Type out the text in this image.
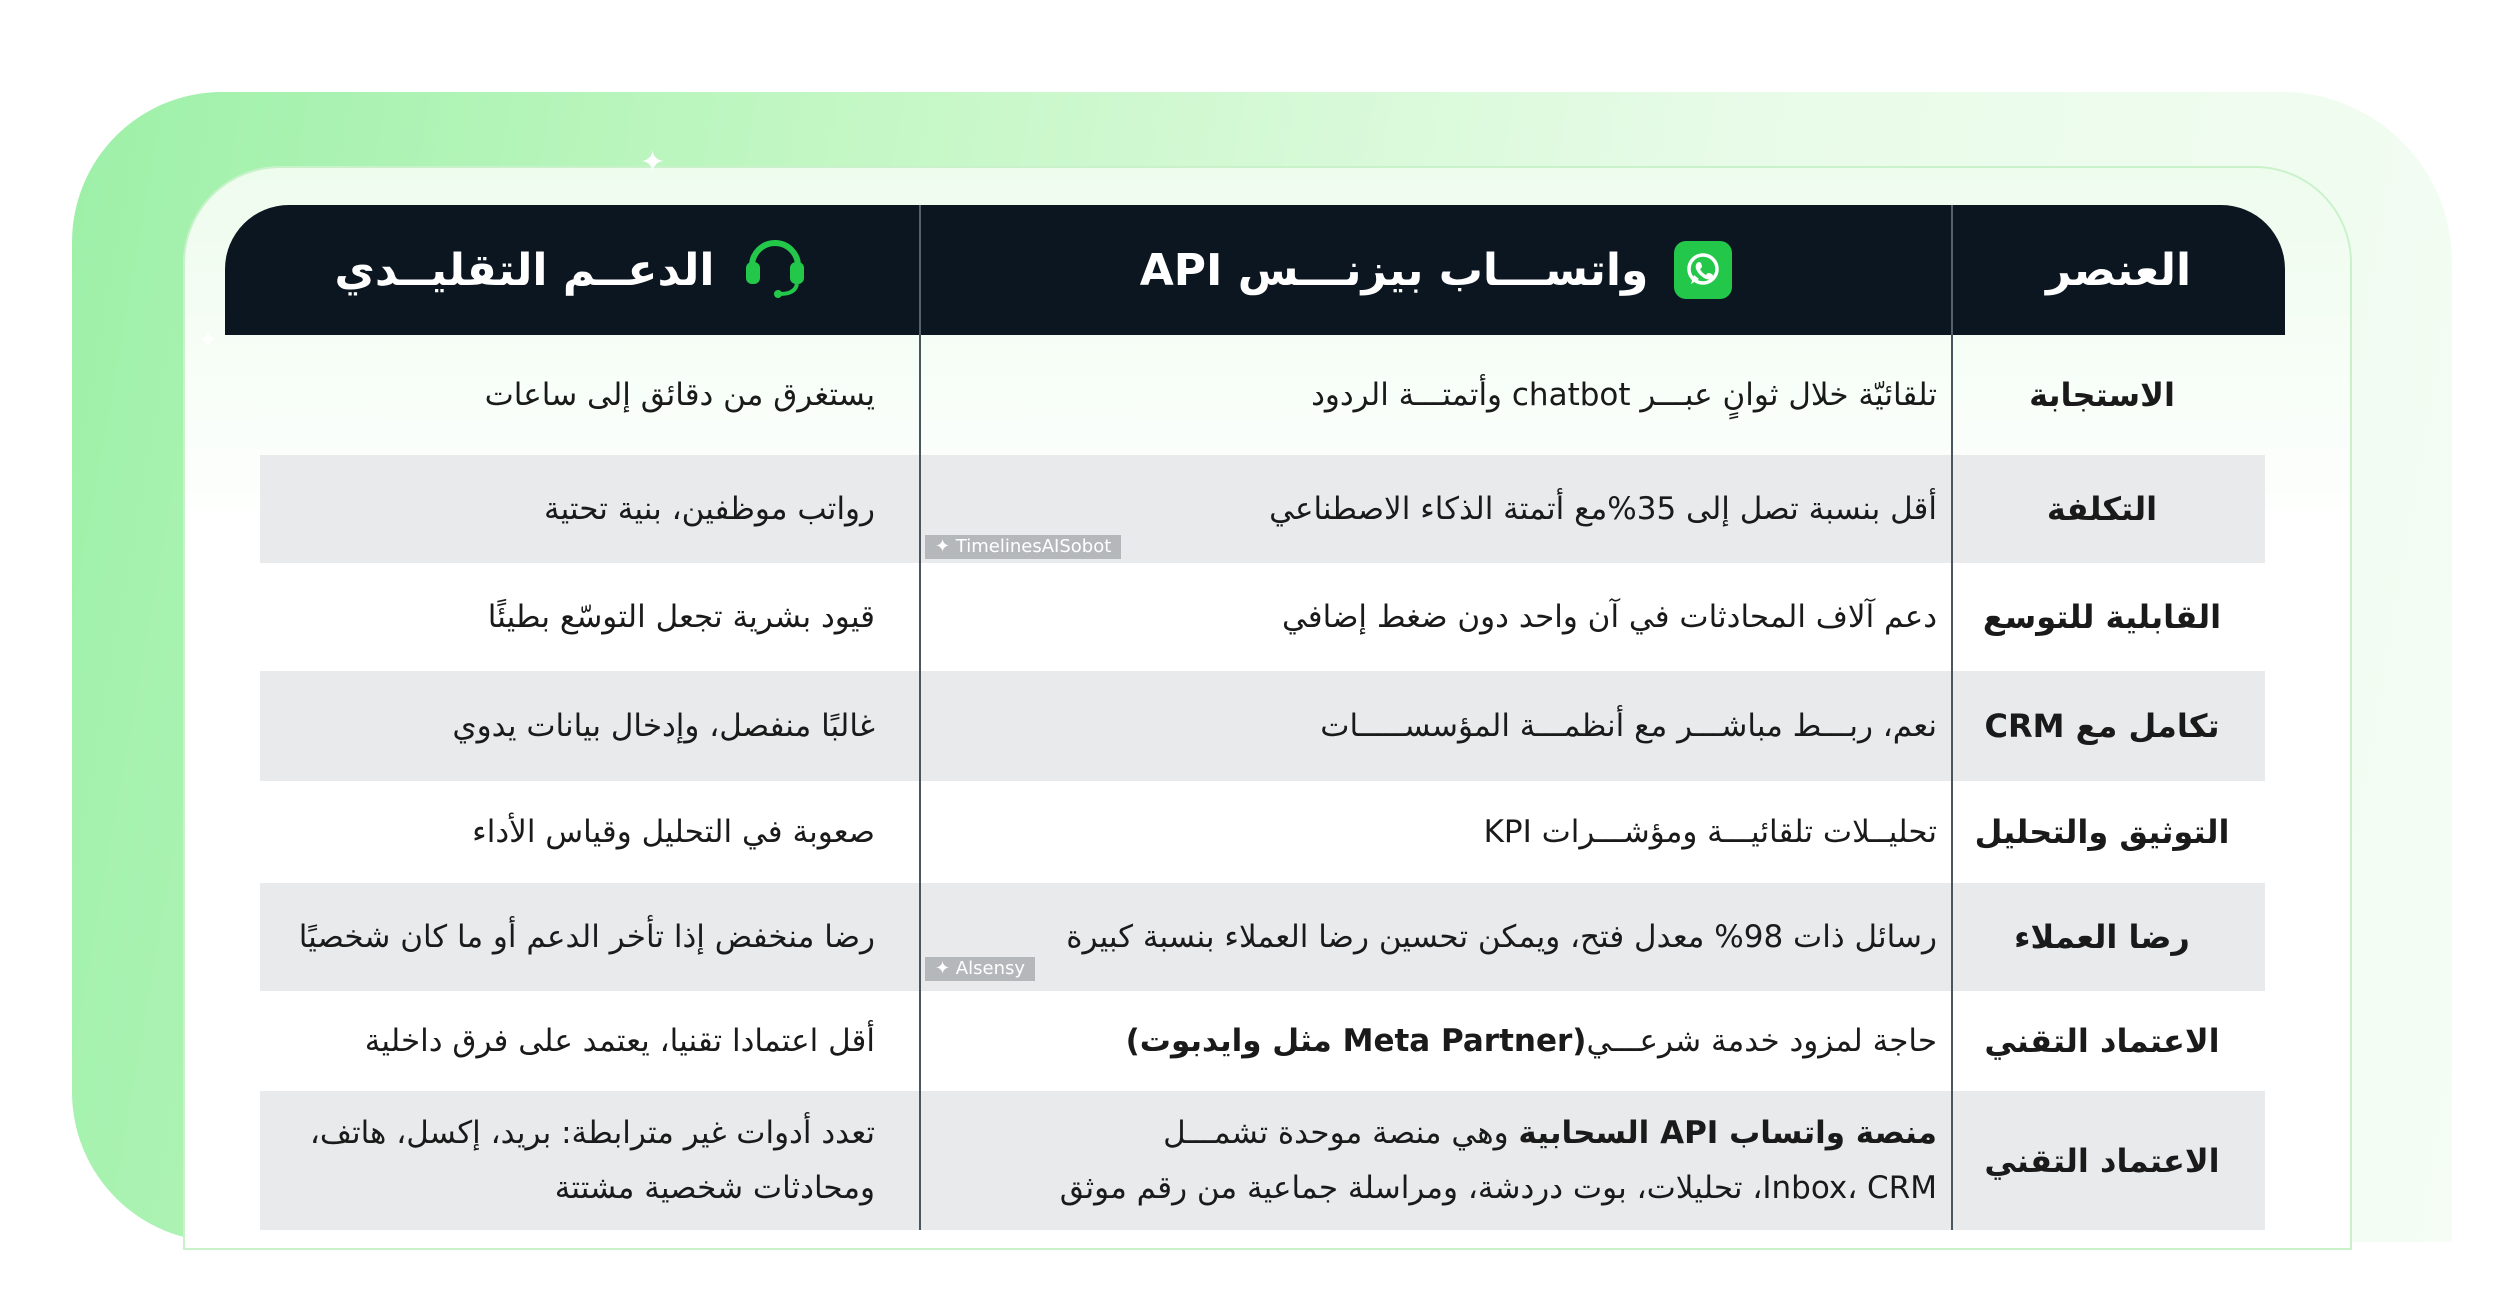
✦
✦
العنصر
واتســـاب بيزنـــس API
الدعــم التقليــدي
الاستجابة
تلقائيّة خلال ثوانٍ عبـــر chatbot وأتمتـــة الردود
يستغرق من دقائق إلى ساعات
التكلفة
أقل بنسبة تصل إلى 35%مع أتمتة الذكاء الاصطناعي
رواتب موظفين، بنية تحتية
القابلية للتوسع
دعم آلاف المحادثات في آن واحد دون ضغط إضافي
قيود بشرية تجعل التوسّع بطيئًا
تكامل مع CRM
نعم، ربـــط مباشـــر مع أنظمـــة المؤسســـــات
غالبًا منفصل، وإدخال بيانات يدوي
التوثيق والتحليل
تحليــلات تلقائيـــة ومؤشـــرات KPI
صعوبة في التحليل وقياس الأداء
رضا العملاء
رسائل ذات 98% معدل فتح، ويمكن تحسين رضا العملاء بنسبة كبيرة
رضا منخفض إذا تأخر الدعم أو ما كان شخصيًا
الاعتماد التقني
حاجة لمزود خدمة شرعـــي
(Meta Partner مثل وايدبوت)
أقل اعتمادا تقنيا، يعتمد على فرق داخلية
الاعتماد التقني
منصة واتساب API السحابية وهي منصة موحدة تشمـــل
Inbox، CRM، تحليلات، بوت دردشة، ومراسلة جماعية من رقم موثق
تعدد أدوات غير مترابطة: بريد، إكسل، هاتف،
ومحادثات شخصية مشتتة
✦ TimelinesAISobot
✦ Alsensy
